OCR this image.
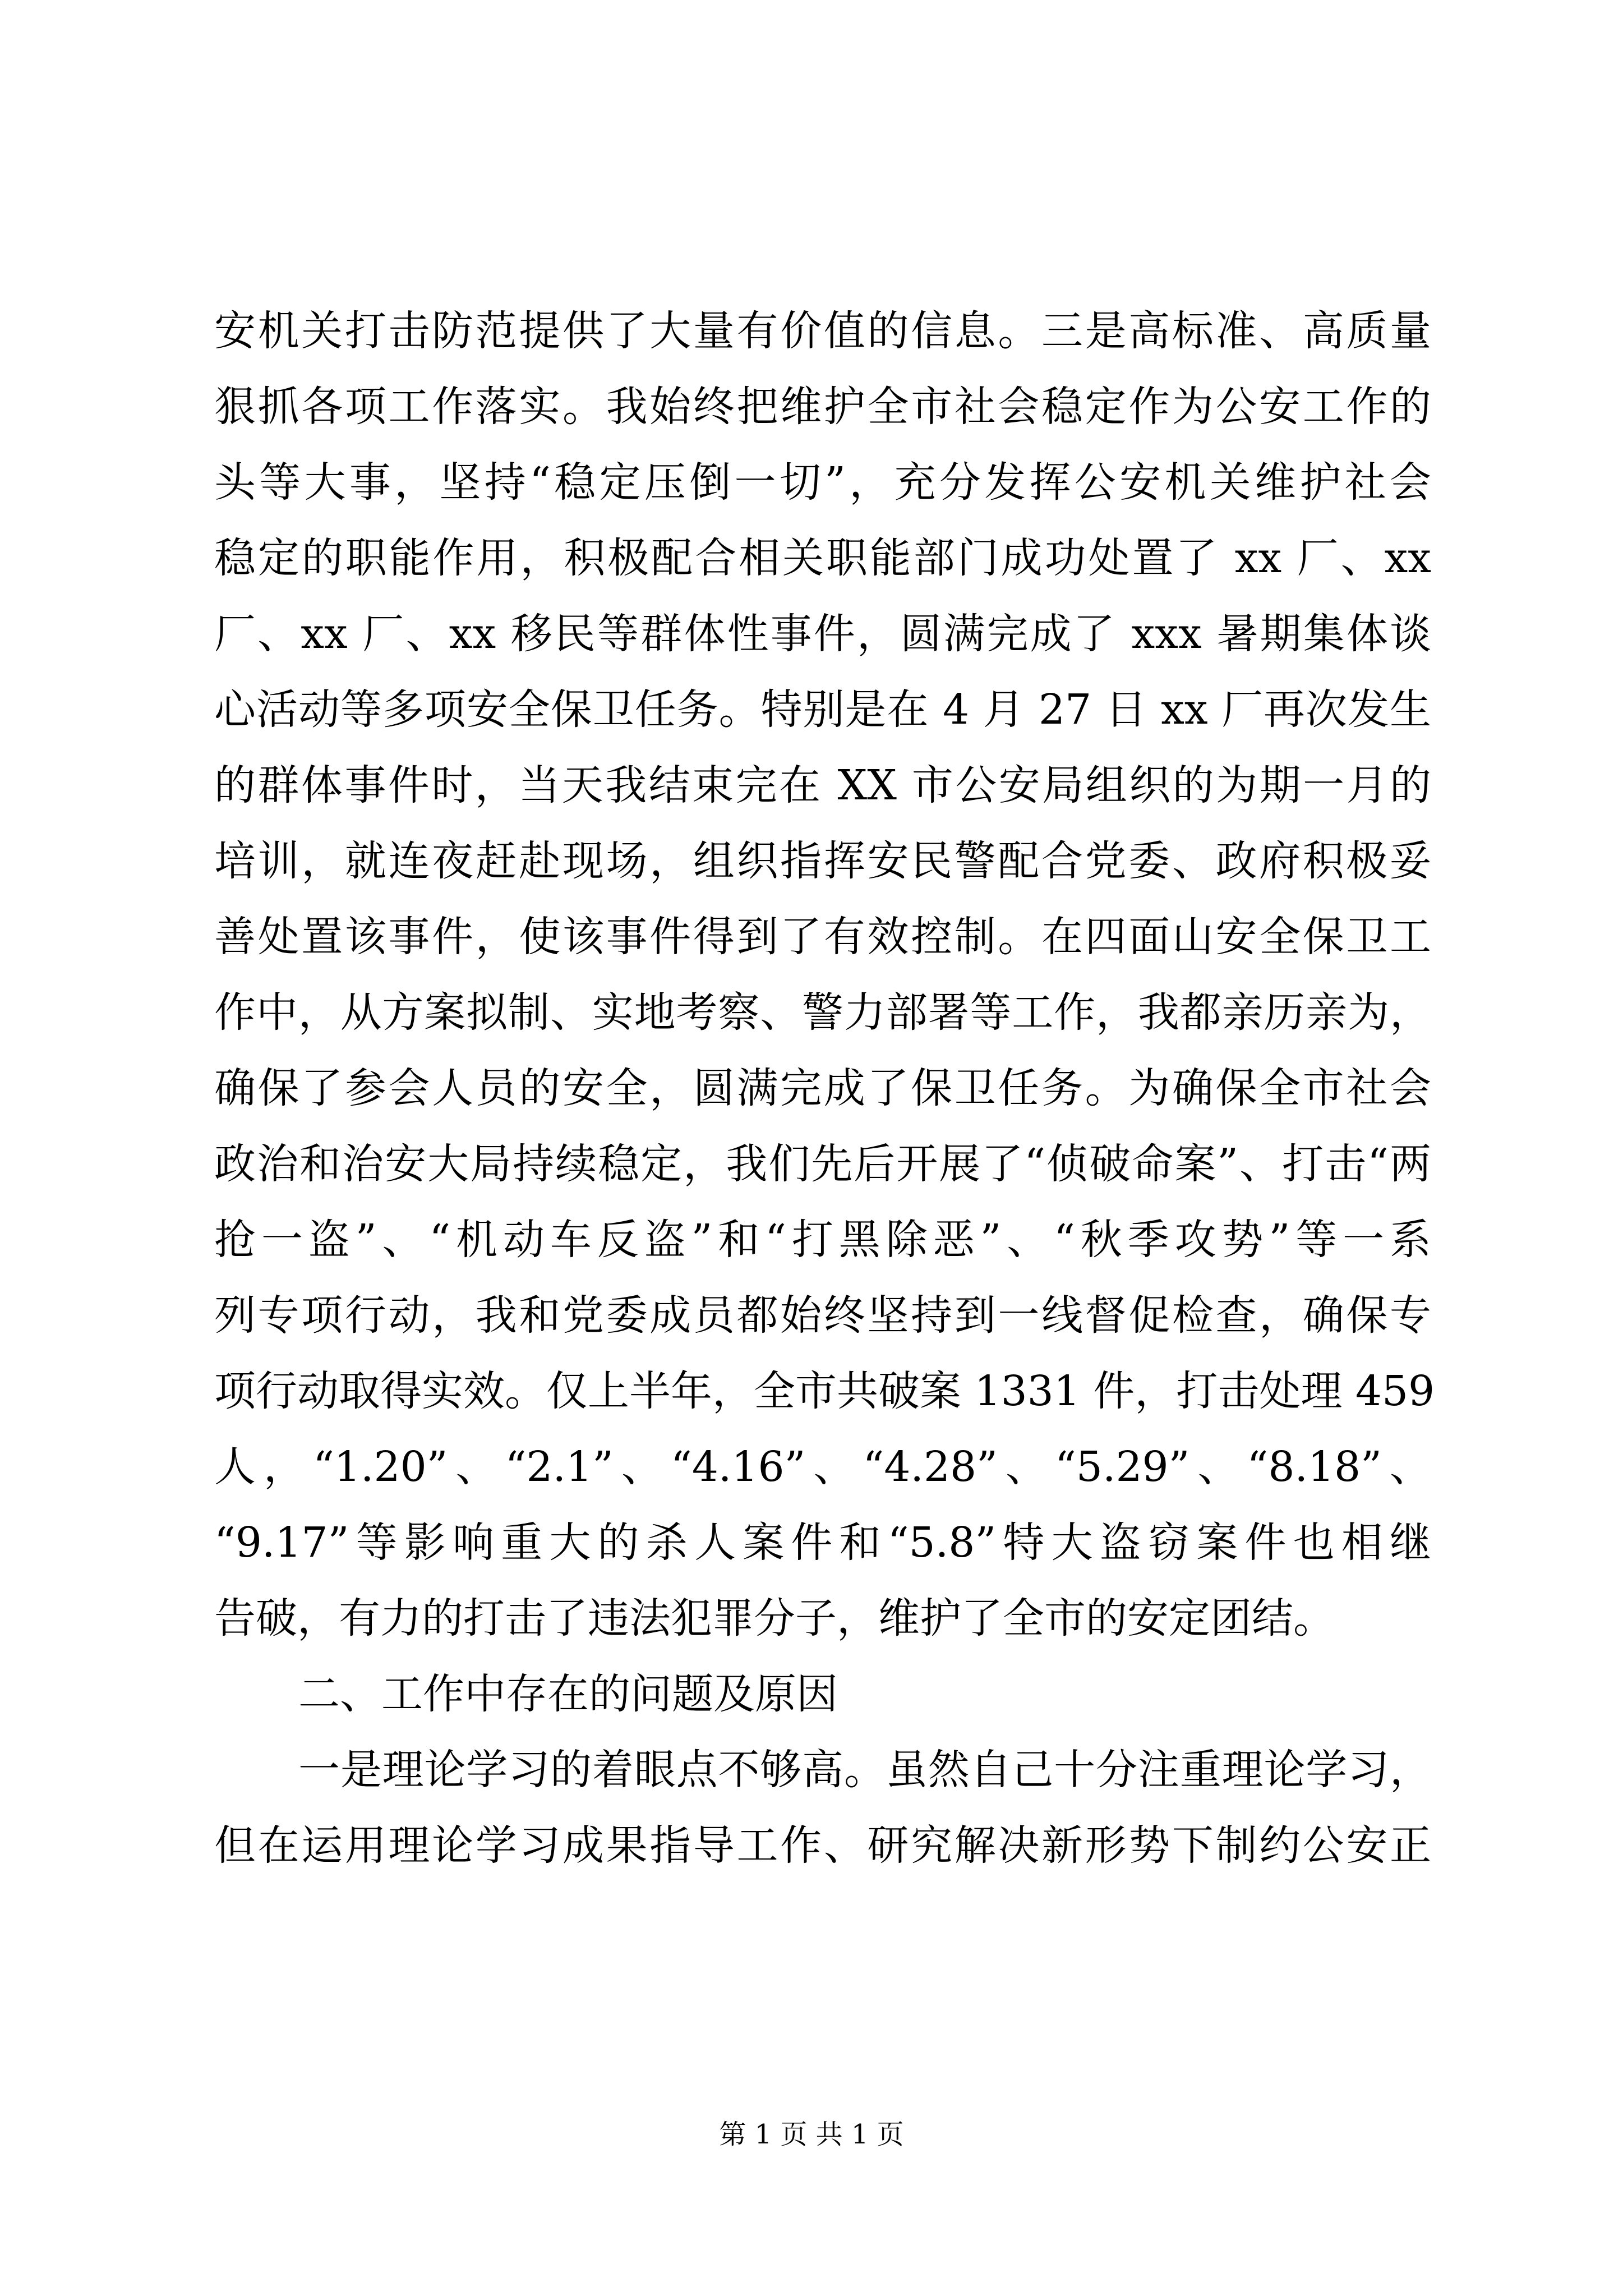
安机关打击防范提供了大量有价值的信息。三是高标准、高质量
狠抓各项工作落实。我始终把维护全市社会稳定作为公安工作的
头等大事，坚持“稳定压倒一切”，充分发挥公安机关维护社会
稳定的职能作用，积极配合相关职能部门成功处置了 xx 厂、xx
厂、xx 厂、xx 移民等群体性事件，圆满完成了 xxx 暑期集体谈
心活动等多项安全保卫任务。特别是在 4 月 27 日 xx 厂再次发生
的群体事件时，当天我结束完在 XX 市公安局组织的为期一月的
培训，就连夜赶赴现场，组织指挥安民警配合党委、政府积极妥
善处置该事件，使该事件得到了有效控制。在四面山安全保卫工
作中，从方案拟制、实地考察、警力部署等工作，我都亲历亲为，
确保了参会人员的安全，圆满完成了保卫任务。为确保全市社会
政治和治安大局持续稳定，我们先后开展了“侦破命案”、打击“两
抢一盗”、“机动车反盗”和“打黑除恶”、“秋季攻势”等一系
列专项行动，我和党委成员都始终坚持到一线督促检查，确保专
项行动取得实效。仅上半年，全市共破案 1331 件，打击处理 459
人，“1.20”、“2.1”、“4.16”、“4.28”、“5.29”、“8.18”、
“9.17”等影响重大的杀人案件和“5.8”特大盗窃案件也相继
告破，有力的打击了违法犯罪分子，维护了全市的安定团结。
二、工作中存在的问题及原因
一是理论学习的着眼点不够高。虽然自己十分注重理论学习，
但在运用理论学习成果指导工作、研究解决新形势下制约公安正
第 1 页 共 1 页
